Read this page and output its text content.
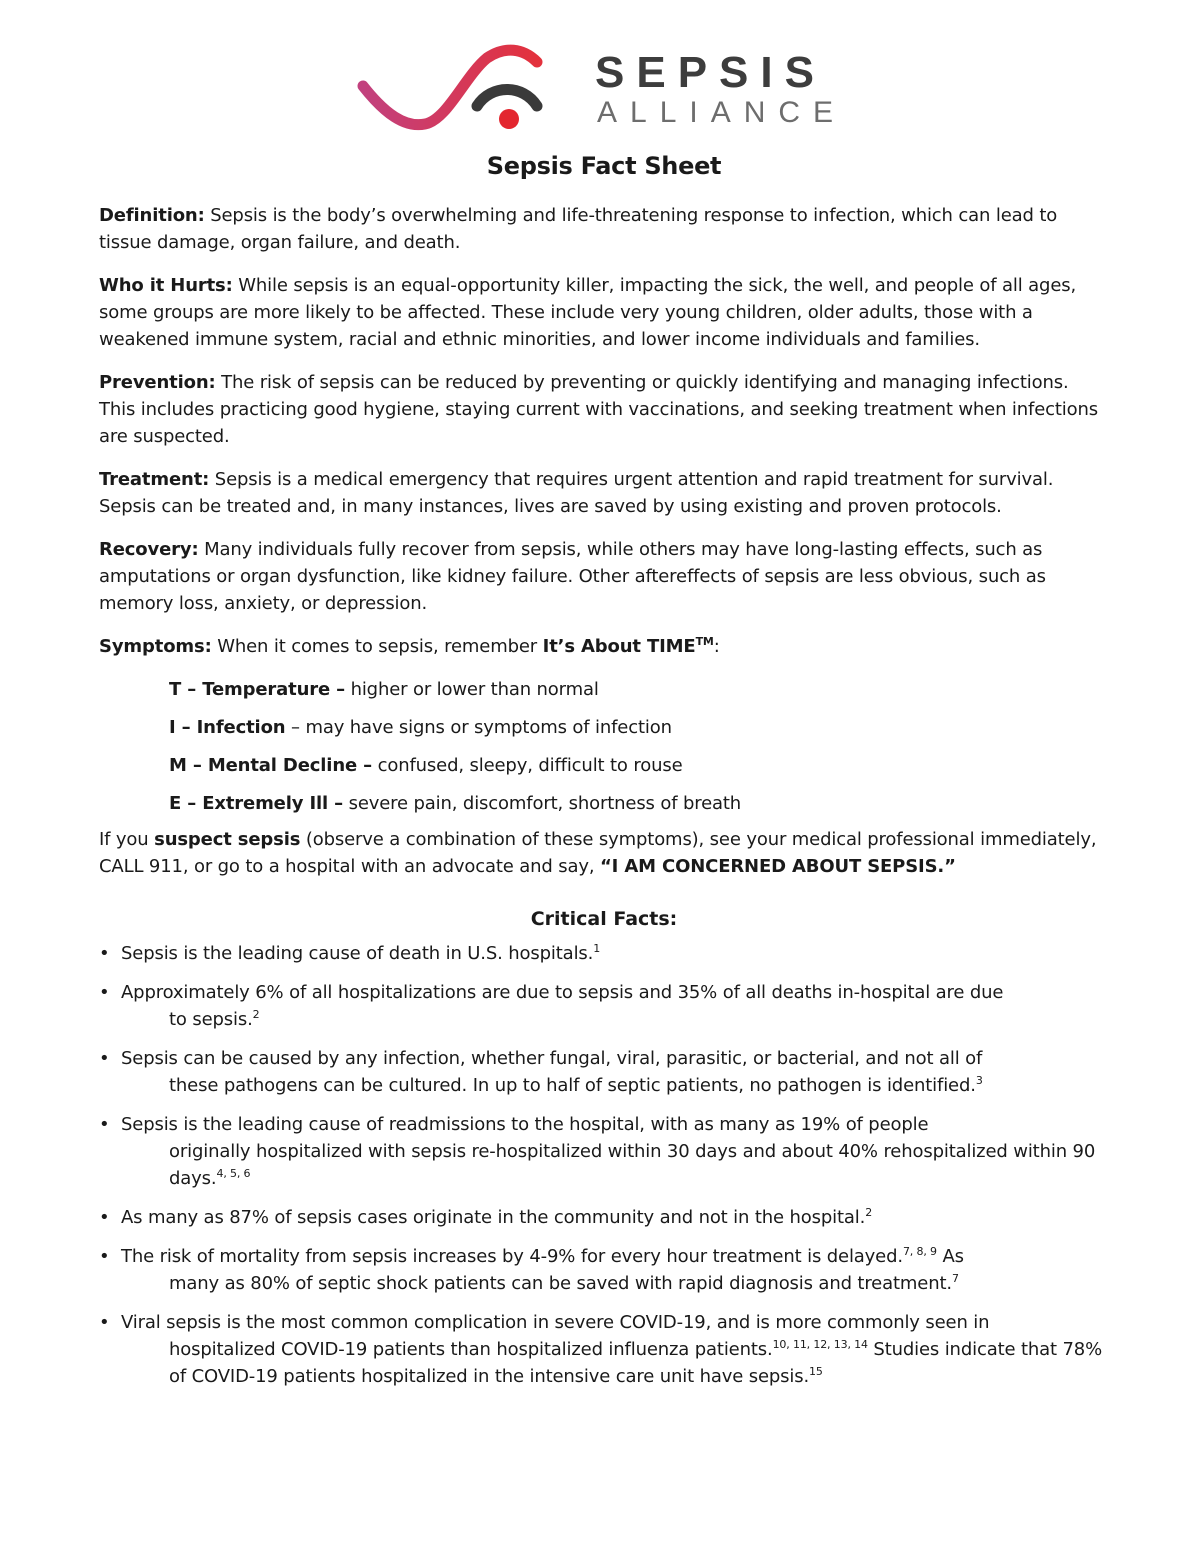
SEPSIS
ALLIANCE
Sepsis Fact Sheet

Definition: Sepsis is the body’s overwhelming and life-threatening response to infection, which can lead to tissue damage, organ failure, and death.

Who it Hurts: While sepsis is an equal-opportunity killer, impacting the sick, the well, and people of all ages, some groups are more likely to be affected. These include very young children, older adults, those with a weakened immune system, racial and ethnic minorities, and lower income individuals and families.

Prevention: The risk of sepsis can be reduced by preventing or quickly identifying and managing infections. This includes practicing good hygiene, staying current with vaccinations, and seeking treatment when infections are suspected.

Treatment: Sepsis is a medical emergency that requires urgent attention and rapid treatment for survival. Sepsis can be treated and, in many instances, lives are saved by using existing and proven protocols.

Recovery: Many individuals fully recover from sepsis, while others may have long-lasting effects, such as amputations or organ dysfunction, like kidney failure. Other aftereffects of sepsis are less obvious, such as memory loss, anxiety, or depression.

Symptoms: When it comes to sepsis, remember It’s About TIME™:

T – Temperature – higher or lower than normal
I – Infection – may have signs or symptoms of infection
M – Mental Decline – confused, sleepy, difficult to rouse
E – Extremely Ill – severe pain, discomfort, shortness of breath

If you suspect sepsis (observe a combination of these symptoms), see your medical professional immediately, CALL 911, or go to a hospital with an advocate and say, “I AM CONCERNED ABOUT SEPSIS.”

Critical Facts:
• Sepsis is the leading cause of death in U.S. hospitals.$^1$
• Approximately 6% of all hospitalizations are due to sepsis and 35% of all deaths in-hospital are due
to sepsis.$^2$
• Sepsis can be caused by any infection, whether fungal, viral, parasitic, or bacterial, and not all of
these pathogens can be cultured. In up to half of septic patients, no pathogen is identified.$^3$
• Sepsis is the leading cause of readmissions to the hospital, with as many as 19% of people
originally hospitalized with sepsis re-hospitalized within 30 days and about 40% rehospitalized within 90 days.$^{4, 5, 6}$
• As many as 87% of sepsis cases originate in the community and not in the hospital.$^2$
• The risk of mortality from sepsis increases by 4-9% for every hour treatment is delayed.$^{7, 8, 9}$ As
many as 80% of septic shock patients can be saved with rapid diagnosis and treatment.$^7$
• Viral sepsis is the most common complication in severe COVID-19, and is more commonly seen in
hospitalized COVID-19 patients than hospitalized influenza patients.$^{10, 11, 12, 13, 14}$ Studies indicate that 78% of COVID-19 patients hospitalized in the intensive care unit have sepsis.$^{15}$
